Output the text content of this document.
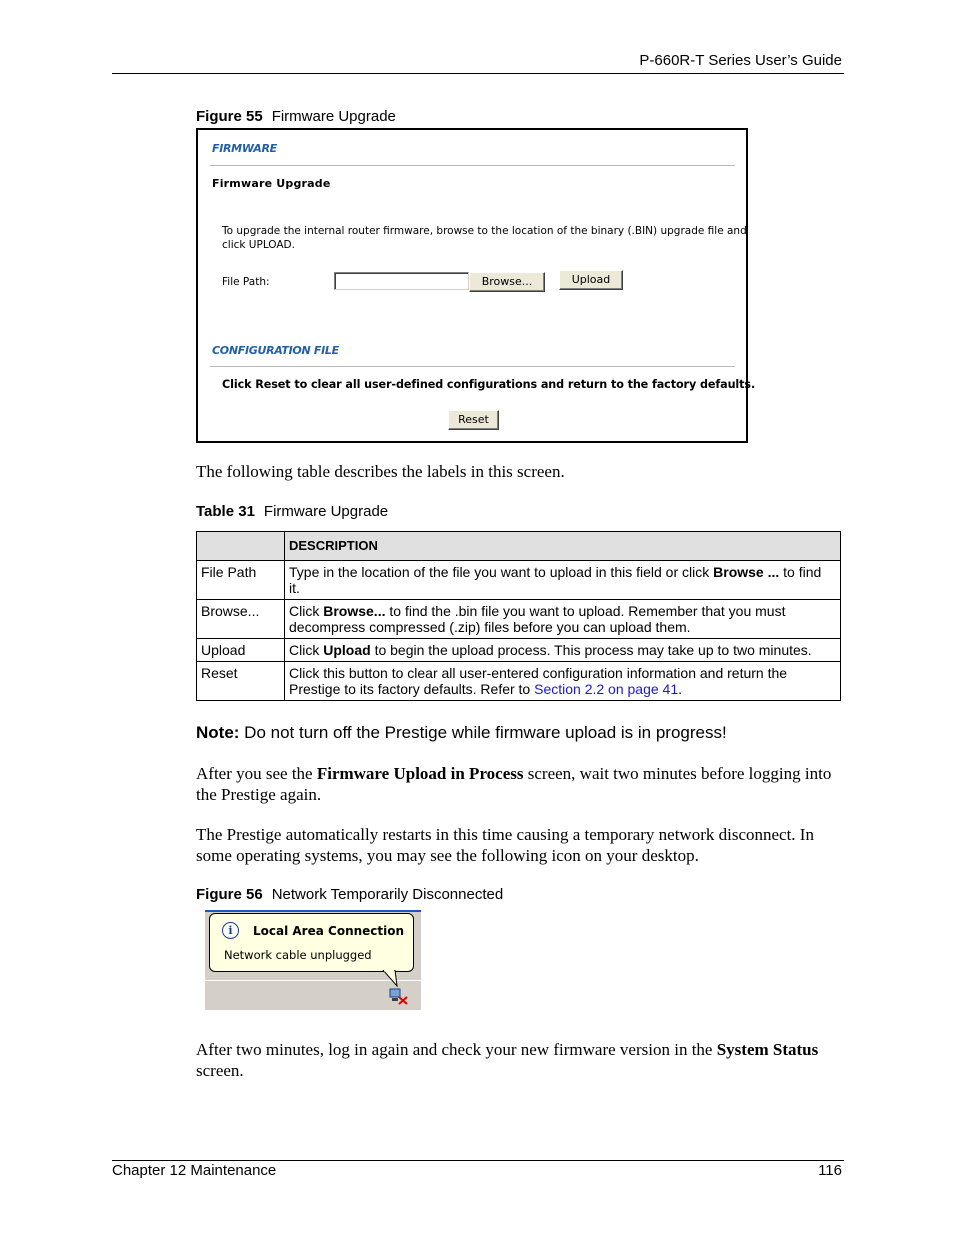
P-660R-T Series User’s Guide
Figure 55 Firmware Upgrade
FIRMWARE
Firmware Upgrade
To upgrade the internal router firmware, browse to the location of the binary (.BIN) upgrade file and
click UPLOAD.
File Path:	Browse...	Upload
CONFIGURATION FILE
Click Reset to clear all user-defined configurations and return to the factory defaults.
Reset
The following table describes the labels in this screen.
Table 31 Firmware Upgrade
	DESCRIPTION
File Path	Type in the location of the file you want to upload in this field or click Browse ... to find it.
Browse...	Click Browse... to find the .bin file you want to upload. Remember that you must decompress compressed (.zip) files before you can upload them.
Upload	Click Upload to begin the upload process. This process may take up to two minutes.
Reset	Click this button to clear all user-entered configuration information and return the Prestige to its factory defaults. Refer to Section 2.2 on page 41.
Note: Do not turn off the Prestige while firmware upload is in progress!
After you see the Firmware Upload in Process screen, wait two minutes before logging into the Prestige again.
The Prestige automatically restarts in this time causing a temporary network disconnect. In some operating systems, you may see the following icon on your desktop.
Figure 56 Network Temporarily Disconnected
i	Local Area Connection
Network cable unplugged
After two minutes, log in again and check your new firmware version in the System Status screen.
Chapter 12 Maintenance	116
